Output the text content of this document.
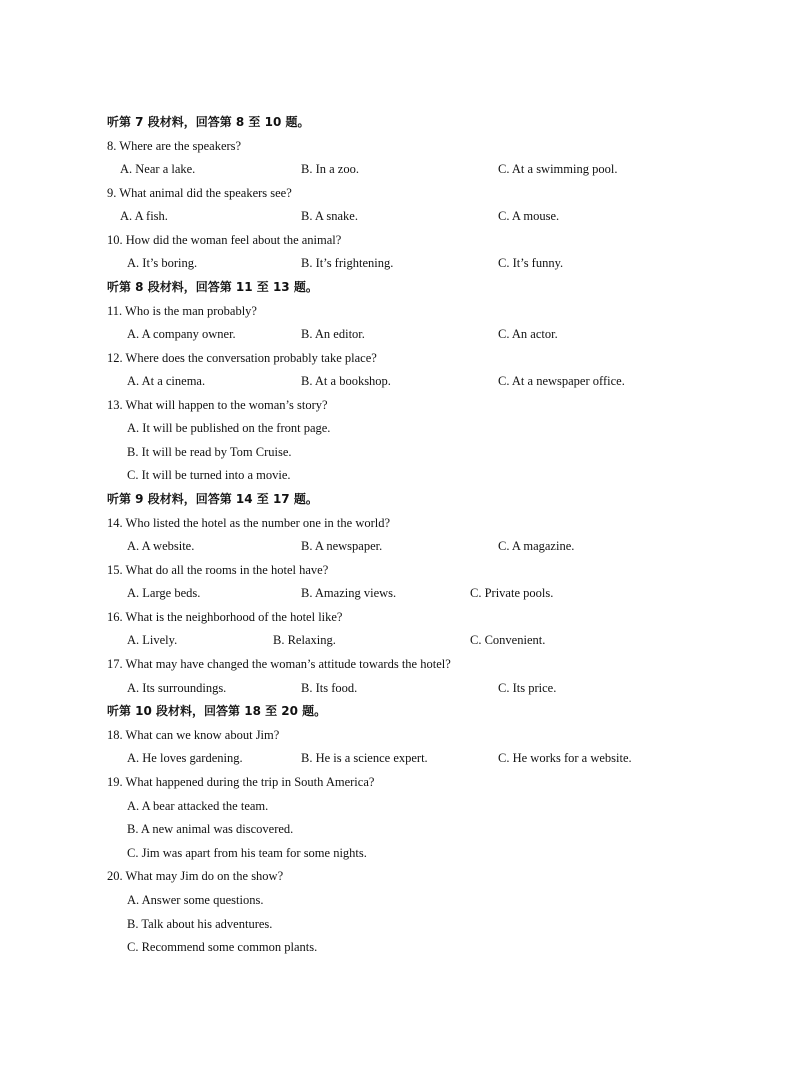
听第 7 段材料，回答第 8 至 10 题。
8. Where are the speakers?
A. Near a lake.	B. In a zoo.	C. At a swimming pool.
9. What animal did the speakers see?
A. A fish.	B. A snake.	C. A mouse.
10. How did the woman feel about the animal?
A. It’s boring.	B. It’s frightening.	C. It’s funny.
听第 8 段材料，回答第 11 至 13 题。
11. Who is the man probably?
A. A company owner.	B. An editor.	C. An actor.
12. Where does the conversation probably take place?
A. At a cinema.	B. At a bookshop.	C. At a newspaper office.
13. What will happen to the woman’s story?
A. It will be published on the front page.
B. It will be read by Tom Cruise.
C. It will be turned into a movie.
听第 9 段材料，回答第 14 至 17 题。
14. Who listed the hotel as the number one in the world?
A. A website.	B. A newspaper.	C. A magazine.
15. What do all the rooms in the hotel have?
A. Large beds.	B. Amazing views.	C. Private pools.
16. What is the neighborhood of the hotel like?
A. Lively.	B. Relaxing.	C. Convenient.
17. What may have changed the woman’s attitude towards the hotel?
A. Its surroundings.	B. Its food.	C. Its price.
听第 10 段材料，回答第 18 至 20 题。
18. What can we know about Jim?
A. He loves gardening.	B. He is a science expert.	C. He works for a website.
19. What happened during the trip in South America?
A. A bear attacked the team.
B. A new animal was discovered.
C. Jim was apart from his team for some nights.
20. What may Jim do on the show?
A. Answer some questions.
B. Talk about his adventures.
C. Recommend some common plants.
